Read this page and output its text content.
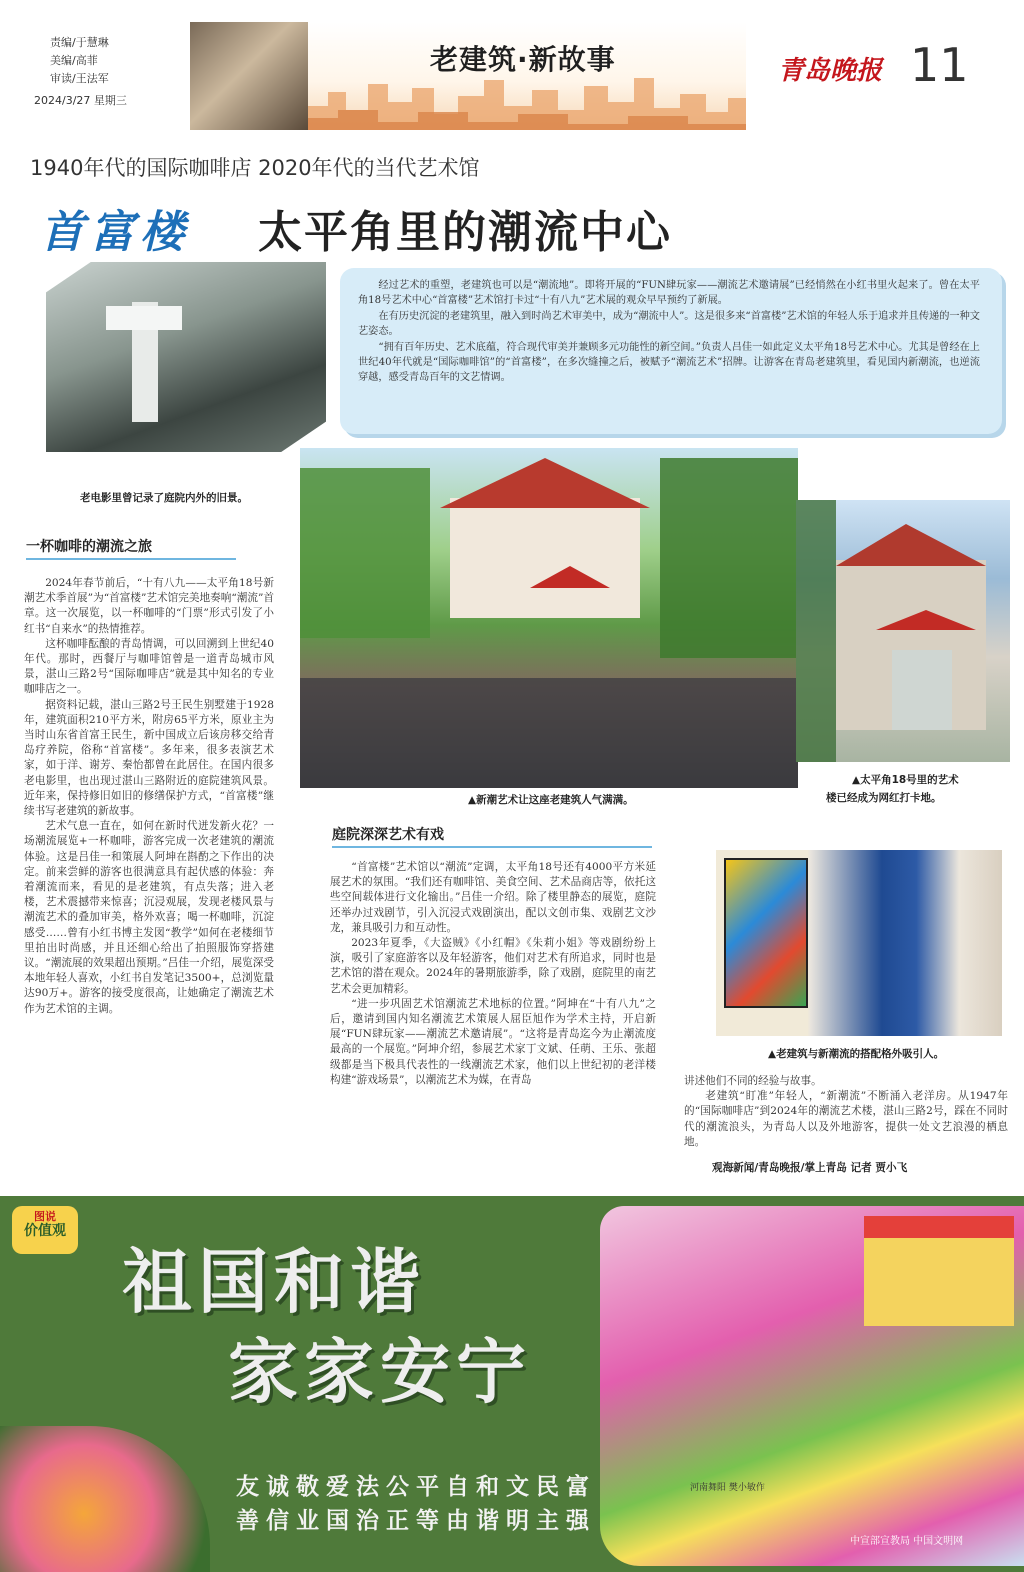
责编/于慧琳
美编/高菲
审读/王法军
2024/3/27 星期三
老建筑·新故事	青岛晚报 11
1940年代的国际咖啡店 2020年代的当代艺术馆
首富楼 太平角里的潮流中心

经过艺术的重塑，老建筑也可以是“潮流地”。即将开展的“FUN肆玩家——潮流艺术邀请展”已经悄然在小红书里火起来了。曾在太平角18号艺术中心“首富楼”艺术馆打卡过“十有八九”艺术展的观众早早预约了新展。

在有历史沉淀的老建筑里，融入到时尚艺术审美中，成为“潮流中人”。这是很多来“首富楼”艺术馆的年轻人乐于追求并且传递的一种文艺姿态。

“拥有百年历史、艺术底蕴，符合现代审美并兼顾多元功能性的新空间。”负责人吕佳一如此定义太平角18号艺术中心。尤其是曾经在上世纪40年代就是“国际咖啡馆”的“首富楼”，在多次缝撞之后，被赋予“潮流艺术”招牌。让游客在青岛老建筑里，看见国内新潮流，也逆流穿越，感受青岛百年的文艺情调。

老电影里曾记录了庭院内外的旧景。
▲新潮艺术让这座老建筑人气满满。
▲太平角18号里的艺术
楼已经成为网红打卡地。
▲老建筑与新潮流的搭配格外吸引人。
一杯咖啡的潮流之旅

2024年春节前后，“十有八九——太平角18号新潮艺术季首展”为“首富楼”艺术馆完美地奏响“潮流”首章。这一次展览，以一杯咖啡的“门票”形式引发了小红书“自来水”的热情推荐。

这杯咖啡酝酿的青岛情调，可以回溯到上世纪40年代。那时，西餐厅与咖啡馆曾是一道青岛城市风景，湛山三路2号“国际咖啡店”就是其中知名的专业咖啡店之一。

据资料记载，湛山三路2号王民生别墅建于1928年，建筑面积210平方米，附房65平方米，原业主为当时山东省首富王民生，新中国成立后该房移交给青岛疗养院，俗称“首富楼”。多年来，很多表演艺术家，如于洋、谢芳、秦怡都曾在此居住。在国内很多老电影里，也出现过湛山三路附近的庭院建筑风景。近年来，保持修旧如旧的修缮保护方式，“首富楼”继续书写老建筑的新故事。

艺术气息一直在，如何在新时代迸发新火花？一场潮流展览+一杯咖啡，游客完成一次老建筑的潮流体验。这是吕佳一和策展人阿坤在斟酌之下作出的决定。前来尝鲜的游客也很满意具有起伏感的体验：奔着潮流而来，看见的是老建筑，有点失落；进入老楼，艺术震撼带来惊喜；沉浸观展，发现老楼风景与潮流艺术的叠加审美，格外欢喜；喝一杯咖啡，沉淀感受……曾有小红书博主发図“教学”如何在老楼细节里拍出时尚感，并且还细心给出了拍照服饰穿搭建议。“潮流展的效果超出预期。”吕佳一介绍，展览深受本地年轻人喜欢，小红书自发笔记3500+，总浏览量达90万+。游客的接受度很高，让她确定了潮流艺术作为艺术馆的主调。

庭院深深艺术有戏

“首富楼”艺术馆以“潮流”定调，太平角18号还有4000平方米延展艺术的氛围。“我们还有咖啡馆、美食空间、艺术品商店等，依托这些空间载体进行文化输出。”吕佳一介绍。除了楼里静态的展览，庭院还举办过戏剧节，引入沉浸式戏剧演出，配以文创市集、戏剧艺文沙龙，兼具吸引力和互动性。

2023年夏季，《大盗贼》《小红帽》《朱莉小姐》等戏剧纷纷上演，吸引了家庭游客以及年轻游客，他们对艺术有所追求，同时也是艺术馆的潜在观众。2024年的暑期旅游季，除了戏剧，庭院里的南艺艺术会更加精彩。

“进一步巩固艺术馆潮流艺术地标的位置。”阿坤在“十有八九”之后，邀请到国内知名潮流艺术策展人屈臣旭作为学术主持，开启新展“FUN肆玩家——潮流艺术邀请展”。“这将是青岛迄今为止潮流度最高的一个展览。”阿坤介绍，参展艺术家丁文斌、任萌、王乐、张超级都是当下极具代表性的一线潮流艺术家，他们以上世纪初的老洋楼构建“游戏场景”，以潮流艺术为媒，在青岛	讲述他们不同的经验与故事。

老建筑“盯准”年轻人，“新潮流”不断涌入老洋房。从1947年的“国际咖啡店”到2024年的潮流艺术楼，湛山三路2号，踩在不同时代的潮流浪头，为青岛人以及外地游客，提供一处文艺浪漫的栖息地。

观海新闻/青岛晚报/掌上青岛 记者 贾小飞
图说
价值观
祖国和谐
家家安宁
友诚敬爱法公平自和文民富
善信业国治正等由谐明主强
河南舞阳 樊小敏作
中宣部宣教局 中国文明网
